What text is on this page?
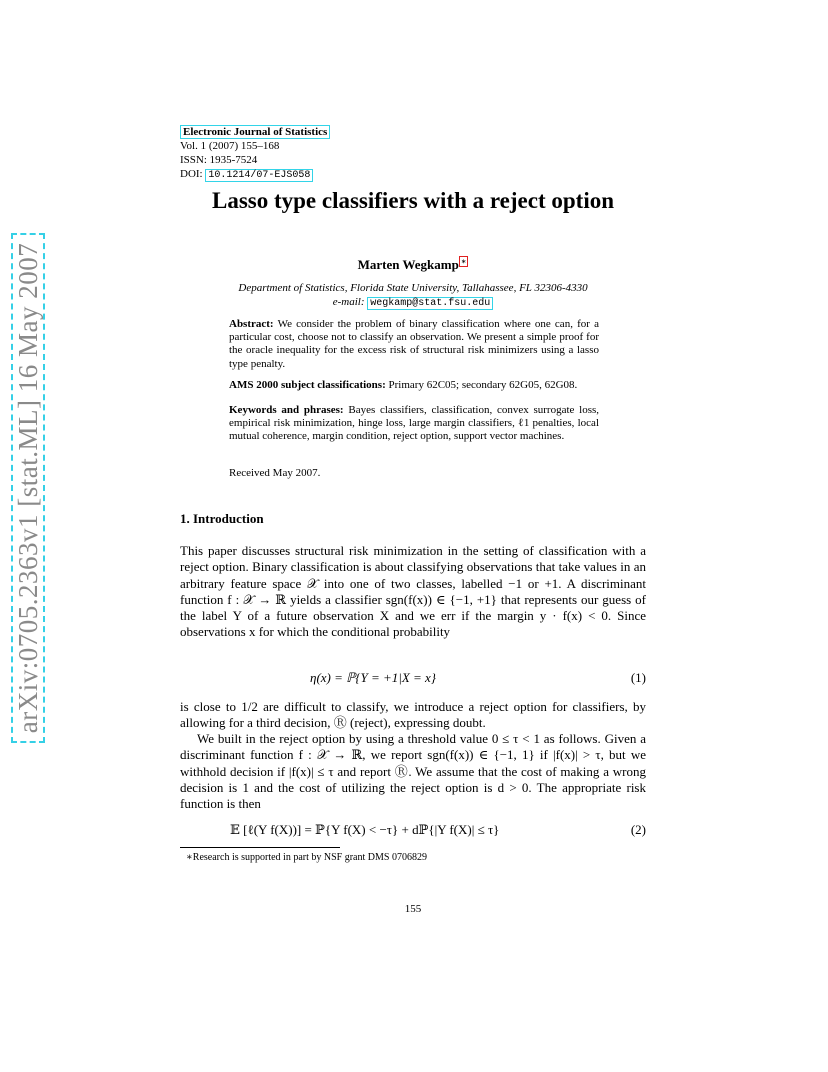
arXiv:0705.2363v1 [stat.ML] 16 May 2007
Electronic Journal of Statistics
Vol. 1 (2007) 155–168
ISSN: 1935-7524
DOI: 10.1214/07-EJS058
Lasso type classifiers with a reject option
Marten Wegkamp ∗
Department of Statistics, Florida State University, Tallahassee, FL 32306-4330
e-mail: wegkamp@stat.fsu.edu
Abstract: We consider the problem of binary classification where one can, for a particular cost, choose not to classify an observation. We present a simple proof for the oracle inequality for the excess risk of structural risk minimizers using a lasso type penalty.
AMS 2000 subject classifications: Primary 62C05; secondary 62G05, 62G08.
Keywords and phrases: Bayes classifiers, classification, convex surrogate loss, empirical risk minimization, hinge loss, large margin classifiers, ℓ1 penalties, local mutual coherence, margin condition, reject option, support vector machines.
Received May 2007.
1. Introduction
This paper discusses structural risk minimization in the setting of classification with a reject option. Binary classification is about classifying observations that take values in an arbitrary feature space 𝒳 into one of two classes, labelled −1 or +1. A discriminant function f : 𝒳 → ℝ yields a classifier sgn(f(x)) ∈ {−1, +1} that represents our guess of the label Y of a future observation X and we err if the margin y · f(x) < 0. Since observations x for which the conditional probability
η(x) = ℙ{Y = +1|X = x}	(1)
is close to 1/2 are difficult to classify, we introduce a reject option for classifiers, by allowing for a third decision, Ⓡ (reject), expressing doubt.
We built in the reject option by using a threshold value 0 ≤ τ < 1 as follows. Given a discriminant function f : 𝒳 → ℝ, we report sgn(f(x)) ∈ {−1, 1} if |f(x)| > τ, but we withhold decision if |f(x)| ≤ τ and report Ⓡ. We assume that the cost of making a wrong decision is 1 and the cost of utilizing the reject option is d > 0. The appropriate risk function is then
𝔼 [ℓ(Y f(X))] = ℙ{Y f(X) < −τ} + dℙ{|Y f(X)| ≤ τ}	(2)
∗Research is supported in part by NSF grant DMS 0706829
155
